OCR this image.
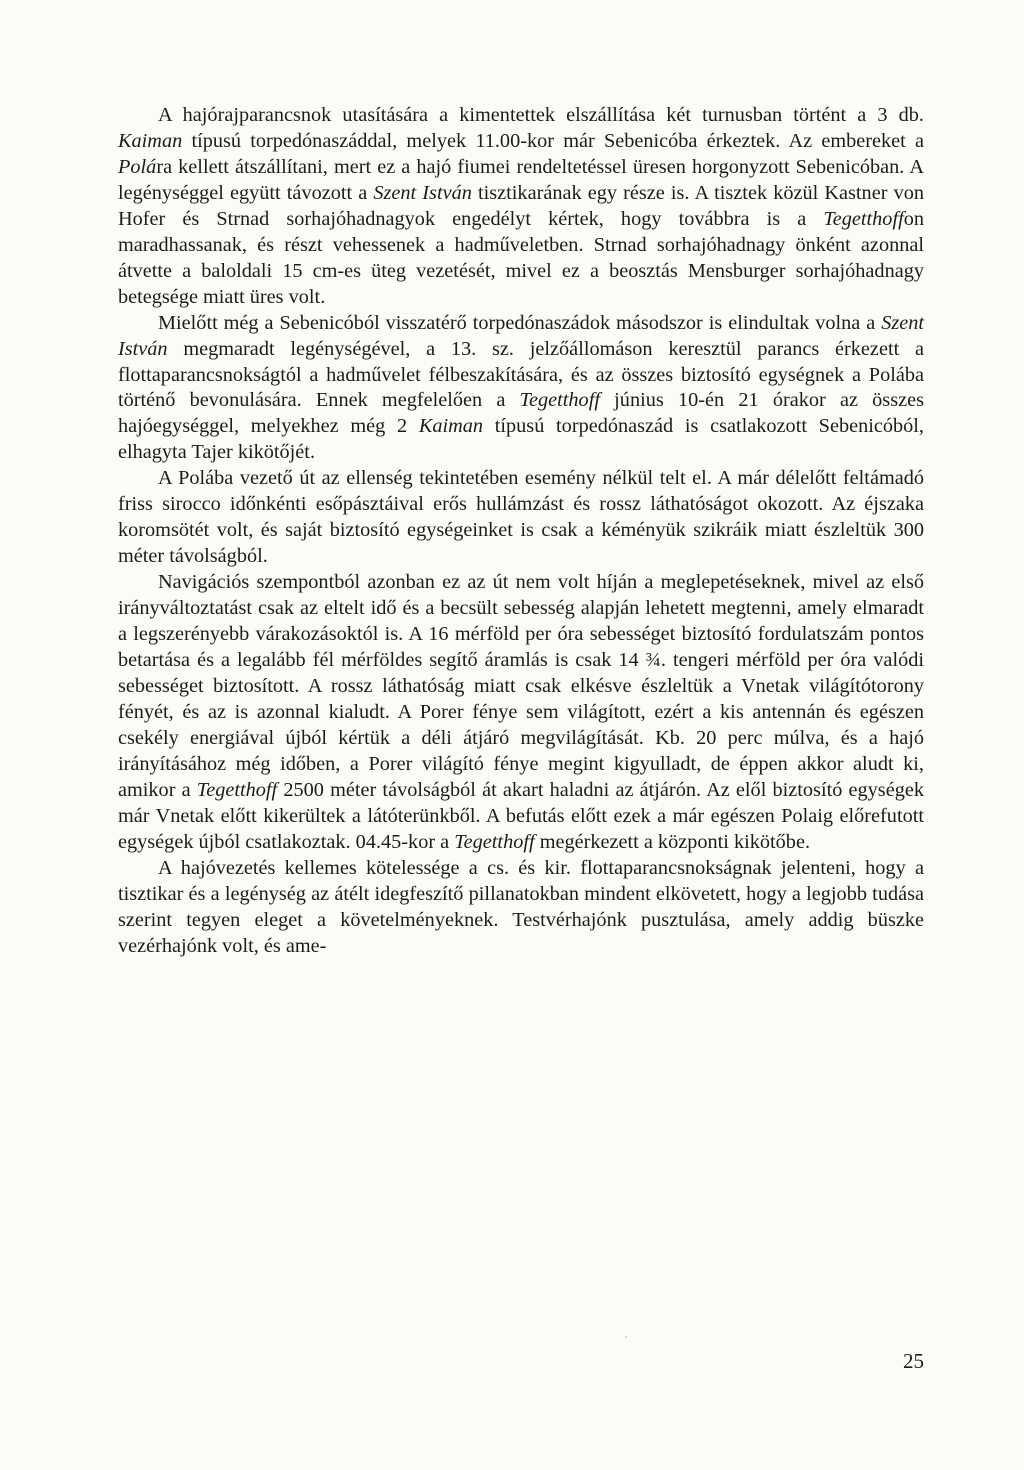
A hajórajparancsnok utasítására a kimentettek elszállítása két turnusban történt a 3 db. Kaiman típusú torpedónaszáddal, melyek 11.00-kor már Sebenicóba érkeztek. Az embereket a Polára kellett átszállítani, mert ez a hajó fiumei rendeltetéssel üresen horgonyzott Sebenicóban. A legénységgel együtt távozott a Szent István tisztikarának egy része is. A tisztek közül Kastner von Hofer és Strnad sorhajóhadnagyok engedélyt kértek, hogy továbbra is a Tegetthoffon maradhassanak, és részt vehessenek a hadműveletben. Strnad sorhajóhadnagy önként azonnal átvette a baloldali 15 cm-es üteg vezetését, mivel ez a beosztás Mensburger sorhajóhadnagy betegsége miatt üres volt.

Mielőtt még a Sebenicóból visszatérő torpedónaszádok másodszor is elindultak volna a Szent István megmaradt legénységével, a 13. sz. jelzőállomáson keresztül parancs érkezett a flottaparancsnokságtól a hadművelet félbeszakítására, és az összes biztosító egységnek a Polába történő bevonulására. Ennek megfelelően a Tegetthoff június 10-én 21 órakor az összes hajóegységgel, melyekhez még 2 Kaiman típusú torpedónaszád is csatlakozott Sebenicóból, elhagyta Tajer kikötőjét.

A Polába vezető út az ellenség tekintetében esemény nélkül telt el. A már délelőtt feltámadó friss sirocco időnkénti esőpásztáival erős hullámzást és rossz láthatóságot okozott. Az éjszaka koromsötét volt, és saját biztosító egységeinket is csak a kéményük szikráik miatt észleltük 300 méter távolságból.

Navigációs szempontból azonban ez az út nem volt híján a meglepetéseknek, mivel az első irányváltoztatást csak az eltelt idő és a becsült sebesség alapján lehetett megtenni, amely elmaradt a legszerényebb várakozásoktól is. A 16 mérföld per óra sebességet biztosító fordulatszám pontos betartása és a legalább fél mérföldes segítő áramlás is csak 14 ¾. tengeri mérföld per óra valódi sebességet biztosított. A rossz láthatóság miatt csak elkésve észleltük a Vnetak világítótorony fényét, és az is azonnal kialudt. A Porer fénye sem világított, ezért a kis antennán és egészen csekély energiával újból kértük a déli átjáró megvilágítását. Kb. 20 perc múlva, és a hajó irányításához még időben, a Porer világító fénye megint kigyulladt, de éppen akkor aludt ki, amikor a Tegetthoff 2500 méter távolságból át akart haladni az átjárón. Az elől biztosító egységek már Vnetak előtt kikerültek a látóterünkből. A befutás előtt ezek a már egészen Polaig előrefutott egységek újból csatlakoztak. 04.45-kor a Tegetthoff megérkezett a központi kikötőbe.

A hajóvezetés kellemes kötelessége a cs. és kir. flottaparancsnokságnak jelenteni, hogy a tisztikar és a legénység az átélt idegfeszítő pillanatokban mindent elkövetett, hogy a legjobb tudása szerint tegyen eleget a követelményeknek. Testvérhajónk pusztulása, amely addig büszke vezérhajónk volt, és ame-

25
